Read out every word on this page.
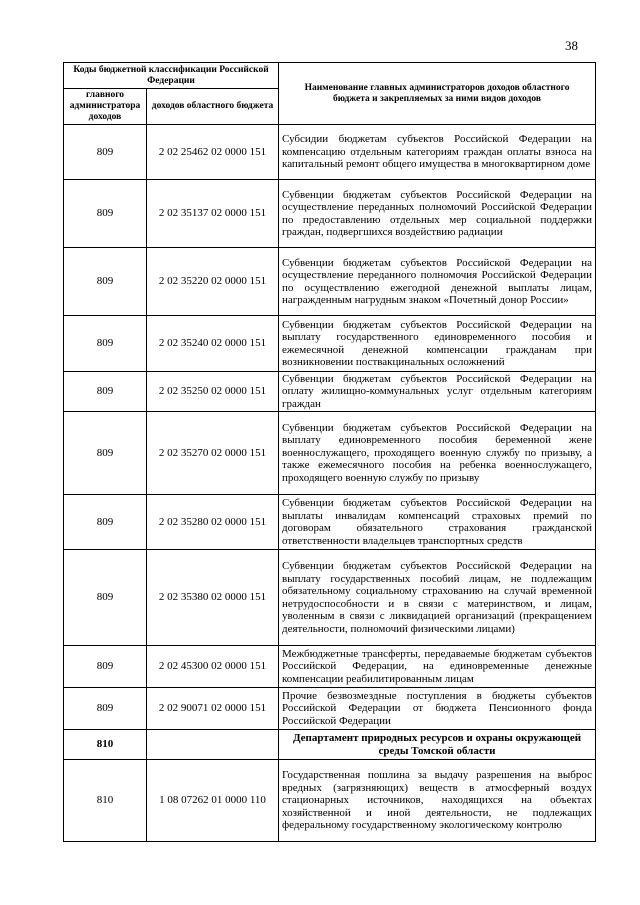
38
Коды бюджетной классификации Российской Федерации		Наименование главных администраторов доходов областного бюджета и закрепляемых за ними видов доходов
главного администратора доходов	доходов областного бюджета	
809	2 02 25462 02 0000 151	Субсидии бюджетам субъектов Российской Федерации на компенсацию отдельным категориям граждан оплаты взноса на капитальный ремонт общего имущества в многоквартирном доме
809	2 02 35137 02 0000 151	Субвенции бюджетам субъектов Российской Федерации на осуществление переданных полномочий Российской Федерации по предоставлению отдельных мер социальной поддержки граждан, подвергшихся воздействию радиации
809	2 02 35220 02 0000 151	Субвенции бюджетам субъектов Российской Федерации на осуществление переданного полномочия Российской Федерации по осуществлению ежегодной денежной выплаты лицам, награжденным нагрудным знаком «Почетный донор России»
809	2 02 35240 02 0000 151	Субвенции бюджетам субъектов Российской Федерации на выплату государственного единовременного пособия и ежемесячной денежной компенсации гражданам при возникновении поствакцинальных осложнений
809	2 02 35250 02 0000 151	Субвенции бюджетам субъектов Российской Федерации на оплату жилищно-коммунальных услуг отдельным категориям граждан
809	2 02 35270 02 0000 151	Субвенции бюджетам субъектов Российской Федерации на выплату единовременного пособия беременной жене военнослужащего, проходящего военную службу по призыву, а также ежемесячного пособия на ребенка военнослужащего, проходящего военную службу по призыву
809	2 02 35280 02 0000 151	Субвенции бюджетам субъектов Российской Федерации на выплаты инвалидам компенсаций страховых премий по договорам обязательного страхования гражданской ответственности владельцев транспортных средств
809	2 02 35380 02 0000 151	Субвенции бюджетам субъектов Российской Федерации на выплату государственных пособий лицам, не подлежащим обязательному социальному страхованию на случай временной нетрудоспособности и в связи с материнством, и лицам, уволенным в связи с ликвидацией организаций (прекращением деятельности, полномочий физическими лицами)
809	2 02 45300 02 0000 151	Межбюджетные трансферты, передаваемые бюджетам субъектов Российской Федерации, на единовременные денежные компенсации реабилитированным лицам
809	2 02 90071 02 0000 151	Прочие безвозмездные поступления в бюджеты субъектов Российской Федерации от бюджета Пенсионного фонда Российской Федерации
810		Департамент природных ресурсов и охраны окружающей среды Томской области
810	1 08 07262 01 0000 110	Государственная пошлина за выдачу разрешения на выброс вредных (загрязняющих) веществ в атмосферный воздух стационарных источников, находящихся на объектах хозяйственной и иной деятельности, не подлежащих федеральному государственному экологическому контролю
